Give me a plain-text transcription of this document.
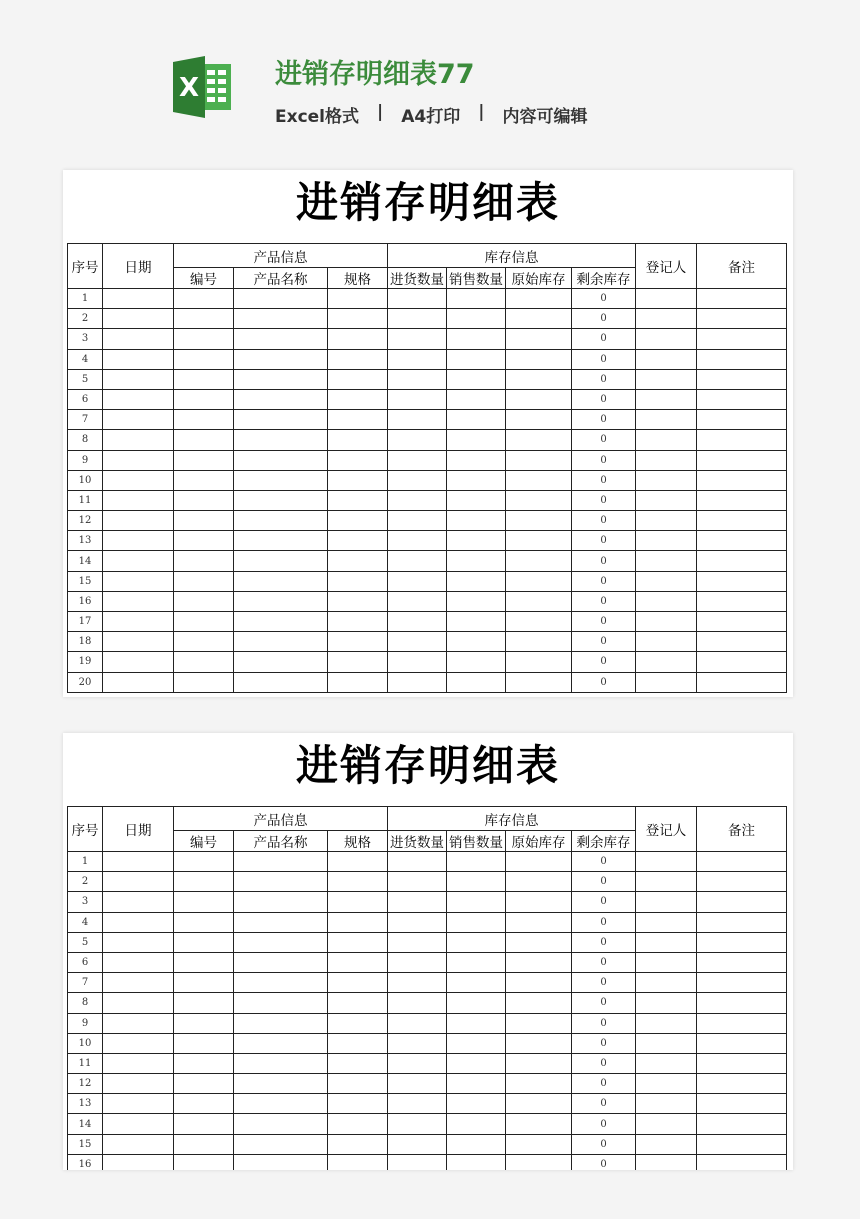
X	进销存明细表77
Excel格式 | A4打印 | 内容可编辑
进销存明细表
序号	日期	产品信息			库存信息				登记人	备注
		编号	产品名称	规格	进货数量	销售数量	原始库存	剩余库存		
1								0		
2								0		
3								0		
4								0		
5								0		
6								0		
7								0		
8								0		
9								0		
10								0		
11								0		
12								0		
13								0		
14								0		
15								0		
16								0		
17								0		
18								0		
19								0		
20								0		
进销存明细表
序号	日期	产品信息			库存信息				登记人	备注
		编号	产品名称	规格	进货数量	销售数量	原始库存	剩余库存		
1								0		
2								0		
3								0		
4								0		
5								0		
6								0		
7								0		
8								0		
9								0		
10								0		
11								0		
12								0		
13								0		
14								0		
15								0		
16								0		
